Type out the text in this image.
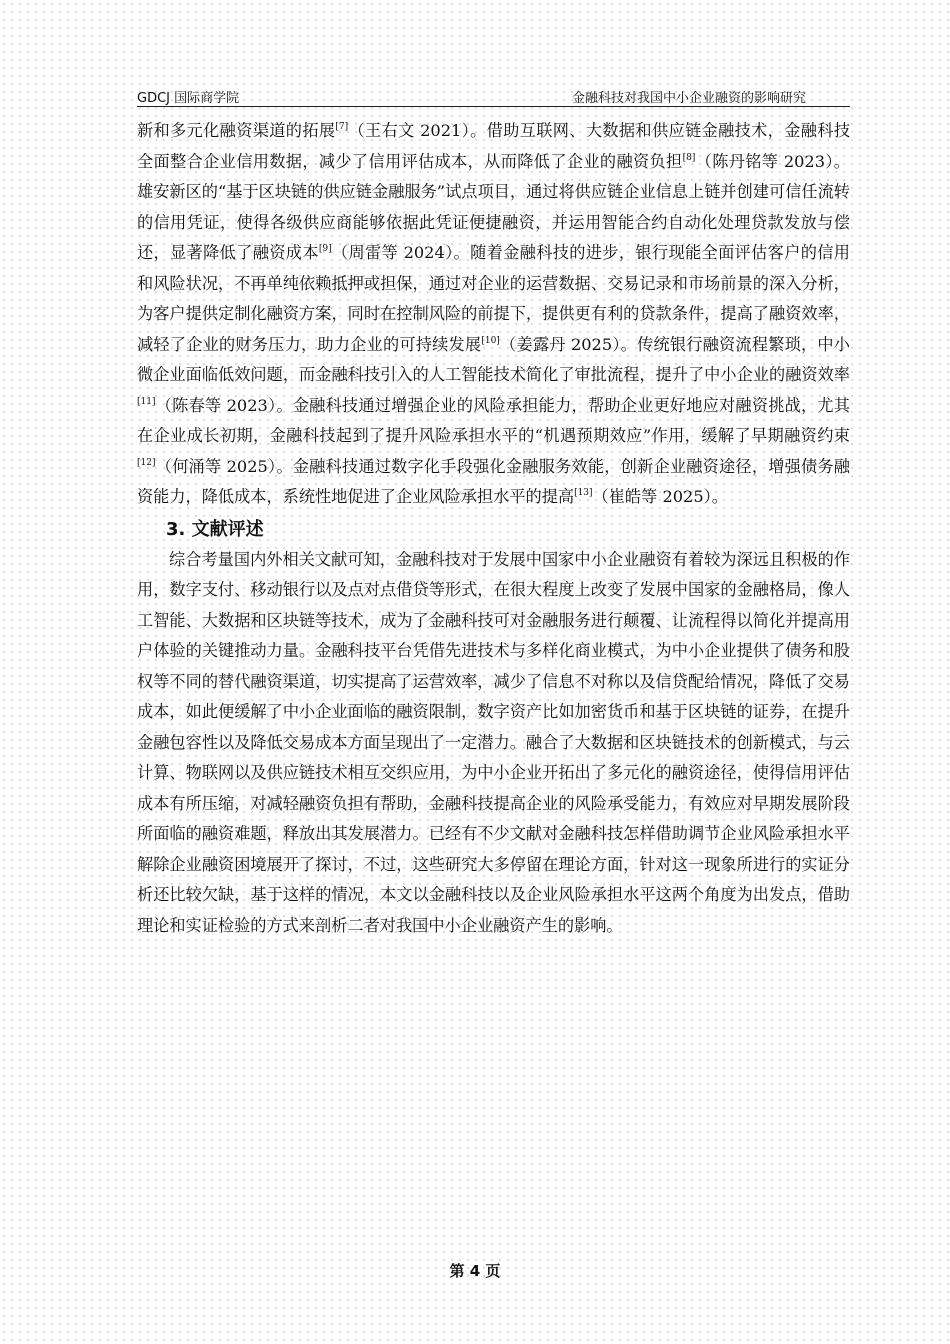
GDCJ 国际商学院	金融科技对我国中小企业融资的影响研究

新和多元化融资渠道的拓展[7]（王右文 2021）。借助互联网、大数据和供应链金融技术，金融科技全面整合企业信用数据，减少了信用评估成本，从而降低了企业的融资负担[8]（陈丹铭等 2023）。雄安新区的“基于区块链的供应链金融服务”试点项目，通过将供应链企业信息上链并创建可信任流转的信用凭证，使得各级供应商能够依据此凭证便捷融资，并运用智能合约自动化处理贷款发放与偿还，显著降低了融资成本[9]（周雷等 2024）。随着金融科技的进步，银行现能全面评估客户的信用和风险状况，不再单纯依赖抵押或担保，通过对企业的运营数据、交易记录和市场前景的深入分析，为客户提供定制化融资方案，同时在控制风险的前提下，提供更有利的贷款条件，提高了融资效率，减轻了企业的财务压力，助力企业的可持续发展[10]（姜露丹 2025）。传统银行融资流程繁琐，中小微企业面临低效问题，而金融科技引入的人工智能技术简化了审批流程，提升了中小企业的融资效率[11]（陈春等 2023）。金融科技通过增强企业的风险承担能力，帮助企业更好地应对融资挑战，尤其在企业成长初期，金融科技起到了提升风险承担水平的“机遇预期效应”作用，缓解了早期融资约束[12]（何涌等 2025）。金融科技通过数字化手段强化金融服务效能，创新企业融资途径，增强债务融资能力，降低成本，系统性地促进了企业风险承担水平的提高[13]（崔皓等 2025）。

3. 文献评述

综合考量国内外相关文献可知，金融科技对于发展中国家中小企业融资有着较为深远且积极的作用，数字支付、移动银行以及点对点借贷等形式，在很大程度上改变了发展中国家的金融格局，像人工智能、大数据和区块链等技术，成为了金融科技可对金融服务进行颠覆、让流程得以简化并提高用户体验的关键推动力量。金融科技平台凭借先进技术与多样化商业模式，为中小企业提供了债务和股权等不同的替代融资渠道，切实提高了运营效率，减少了信息不对称以及信贷配给情况，降低了交易成本，如此便缓解了中小企业面临的融资限制，数字资产比如加密货币和基于区块链的证券，在提升金融包容性以及降低交易成本方面呈现出了一定潜力。融合了大数据和区块链技术的创新模式，与云计算、物联网以及供应链技术相互交织应用，为中小企业开拓出了多元化的融资途径，使得信用评估成本有所压缩，对减轻融资负担有帮助，金融科技提高企业的风险承受能力，有效应对早期发展阶段所面临的融资难题，释放出其发展潜力。已经有不少文献对金融科技怎样借助调节企业风险承担水平解除企业融资困境展开了探讨，不过，这些研究大多停留在理论方面，针对这一现象所进行的实证分析还比较欠缺，基于这样的情况，本文以金融科技以及企业风险承担水平这两个角度为出发点，借助理论和实证检验的方式来剖析二者对我国中小企业融资产生的影响。

第 4 页
